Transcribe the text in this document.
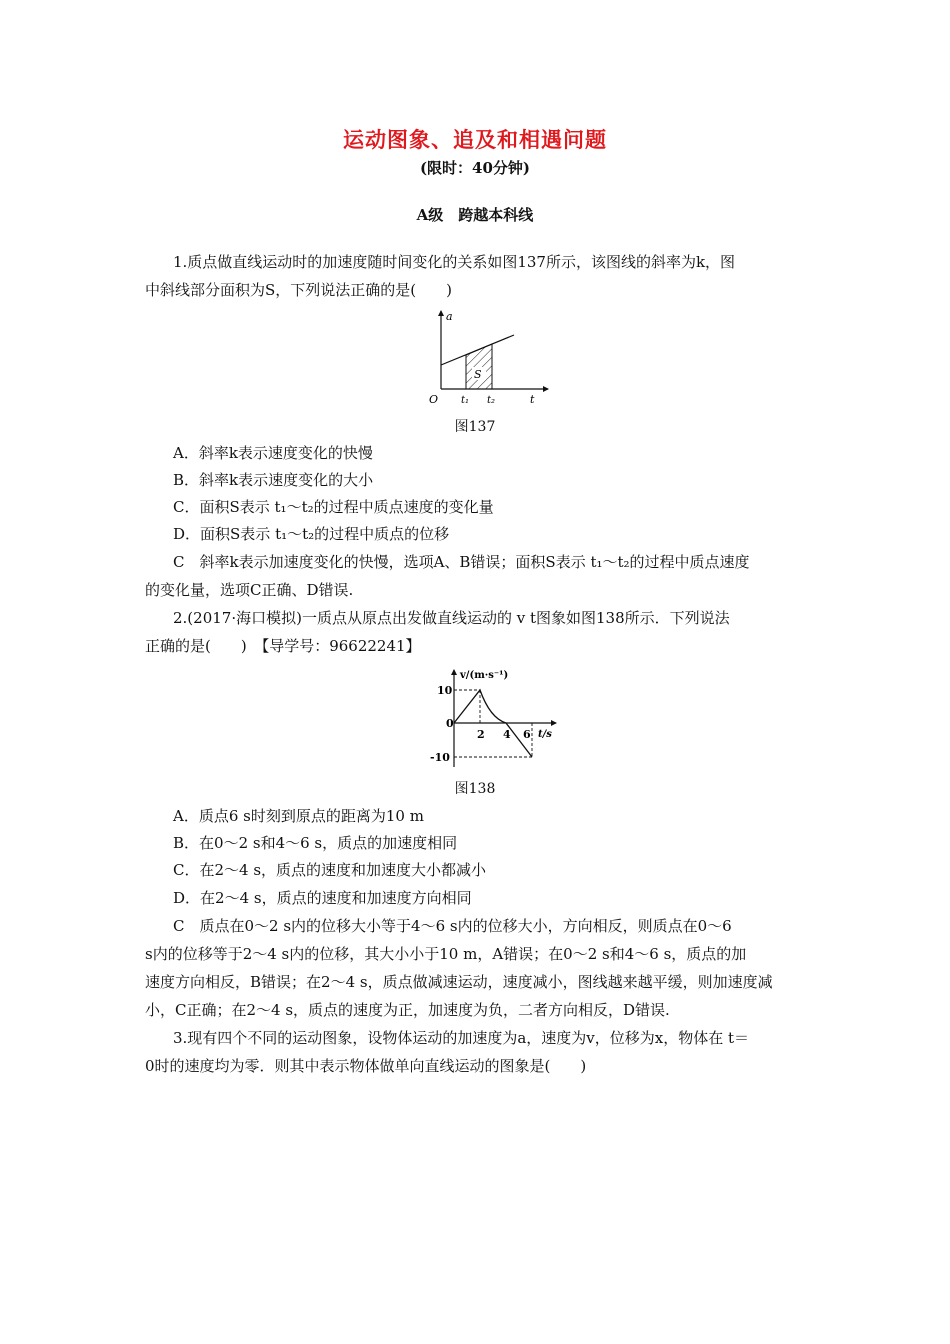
运动图象、追及和相遇问题
(限时：40分钟)
A级　跨越本科线
1.质点做直线运动时的加速度随时间变化的关系如图137所示，该图线的斜率为k，图
中斜线部分面积为S，下列说法正确的是(　　)
a
t
O t₁ t₂
S
图137
A．斜率k表示速度变化的快慢
B．斜率k表示速度变化的大小
C．面积S表示 t₁～t₂的过程中质点速度的变化量
D．面积S表示 t₁～t₂的过程中质点的位移
C　斜率k表示加速度变化的快慢，选项A、B错误；面积S表示 t₁～t₂的过程中质点速度
的变化量，选项C正确、D错误.
2.(2017·海口模拟)一质点从原点出发做直线运动的 v t图象如图138所示．下列说法
正确的是(　　)　【导学号：96622241】
v/(m·s⁻¹)
t/s
10
-10
0
2 4 6
图138
A．质点6 s时刻到原点的距离为10 m
B．在0～2 s和4～6 s，质点的加速度相同
C．在2～4 s，质点的速度和加速度大小都减小
D．在2～4 s，质点的速度和加速度方向相同
C　质点在0～2 s内的位移大小等于4～6 s内的位移大小，方向相反，则质点在0～6
s内的位移等于2～4 s内的位移，其大小小于10 m，A错误；在0～2 s和4～6 s，质点的加
速度方向相反，B错误；在2～4 s，质点做减速运动，速度减小，图线越来越平缓，则加速度减
小，C正确；在2～4 s，质点的速度为正，加速度为负，二者方向相反，D错误.
3.现有四个不同的运动图象，设物体运动的加速度为a，速度为v，位移为x，物体在 t＝
0时的速度均为零．则其中表示物体做单向直线运动的图象是(　　)
